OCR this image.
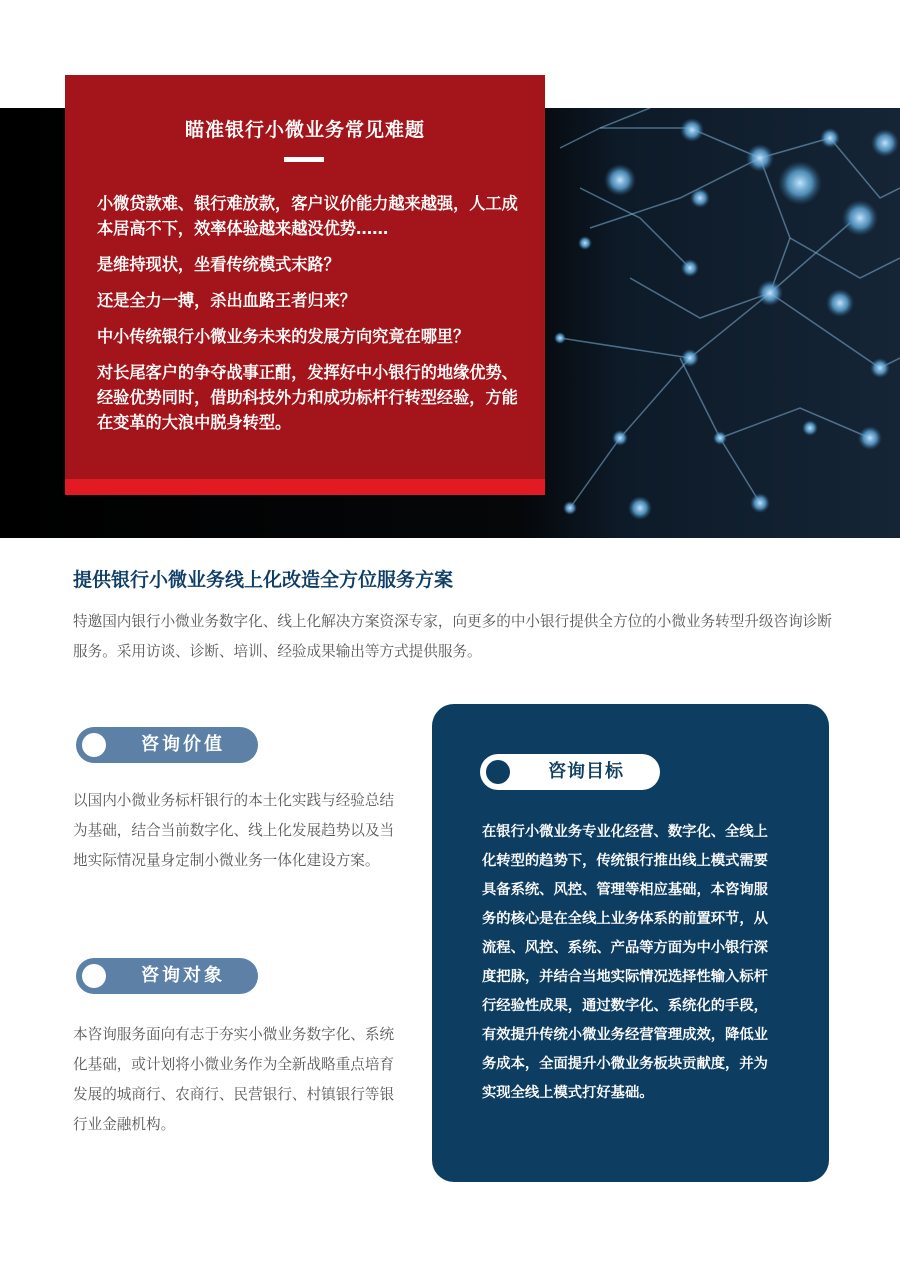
瞄准银行小微业务常见难题

小微贷款难、银行难放款，客户议价能力越来越强，人工成本居高不下，效率体验越来越没优势……

是维持现状，坐看传统模式末路？

还是全力一搏，杀出血路王者归来？

中小传统银行小微业务未来的发展方向究竟在哪里？

对长尾客户的争夺战事正酣，发挥好中小银行的地缘优势、经验优势同时，借助科技外力和成功标杆行转型经验，方能在变革的大浪中脱身转型。

提供银行小微业务线上化改造全方位服务方案
特邀国内银行小微业务数字化、线上化解决方案资深专家，向更多的中小银行提供全方位的小微业务转型升级咨询诊断服务。采用访谈、诊断、培训、经验成果输出等方式提供服务。
咨询价值
以国内小微业务标杆银行的本土化实践与经验总结为基础，结合当前数字化、线上化发展趋势以及当地实际情况量身定制小微业务一体化建设方案。
咨询对象
本咨询服务面向有志于夯实小微业务数字化、系统化基础，或计划将小微业务作为全新战略重点培育发展的城商行、农商行、民营银行、村镇银行等银行业金融机构。
咨询目标
在银行小微业务专业化经营、数字化、全线上化转型的趋势下，传统银行推出线上模式需要具备系统、风控、管理等相应基础，本咨询服务的核心是在全线上业务体系的前置环节，从流程、风控、系统、产品等方面为中小银行深度把脉，并结合当地实际情况选择性输入标杆行经验性成果，通过数字化、系统化的手段，有效提升传统小微业务经营管理成效，降低业务成本，全面提升小微业务板块贡献度，并为实现全线上模式打好基础。
